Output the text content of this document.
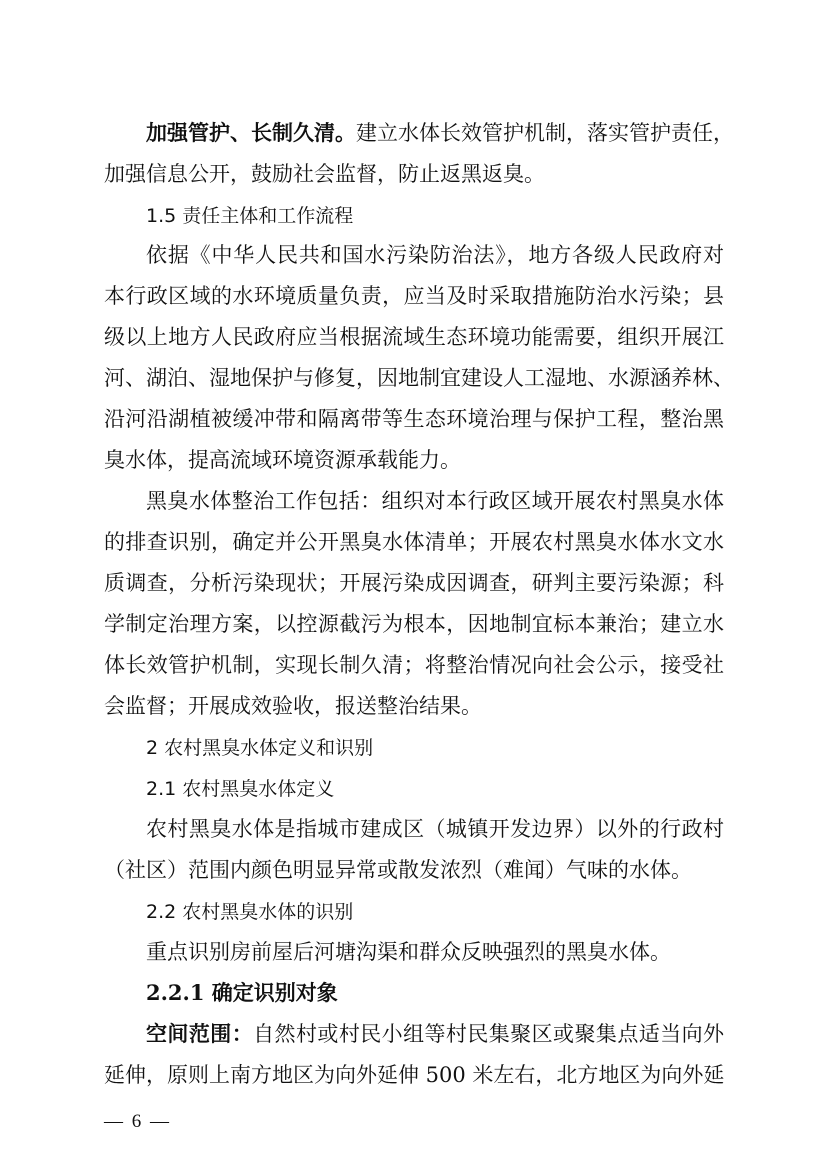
加强管护、长制久清。建立水体长效管护机制，落实管护责任，
加强信息公开，鼓励社会监督，防止返黑返臭。
1.5 责任主体和工作流程
依据《中华人民共和国水污染防治法》，地方各级人民政府对
本行政区域的水环境质量负责，应当及时采取措施防治水污染；县
级以上地方人民政府应当根据流域生态环境功能需要，组织开展江
河、湖泊、湿地保护与修复，因地制宜建设人工湿地、水源涵养林、
沿河沿湖植被缓冲带和隔离带等生态环境治理与保护工程，整治黑
臭水体，提高流域环境资源承载能力。
黑臭水体整治工作包括：组织对本行政区域开展农村黑臭水体
的排查识别，确定并公开黑臭水体清单；开展农村黑臭水体水文水
质调查，分析污染现状；开展污染成因调查，研判主要污染源；科
学制定治理方案，以控源截污为根本，因地制宜标本兼治；建立水
体长效管护机制，实现长制久清；将整治情况向社会公示，接受社
会监督；开展成效验收，报送整治结果。
2 农村黑臭水体定义和识别
2.1 农村黑臭水体定义
农村黑臭水体是指城市建成区（城镇开发边界）以外的行政村
（社区）范围内颜色明显异常或散发浓烈（难闻）气味的水体。
2.2 农村黑臭水体的识别
重点识别房前屋后河塘沟渠和群众反映强烈的黑臭水体。
2.2.1 确定识别对象
空间范围：自然村或村民小组等村民集聚区或聚集点适当向外
延伸，原则上南方地区为向外延伸 500 米左右，北方地区为向外延
— 6 —
